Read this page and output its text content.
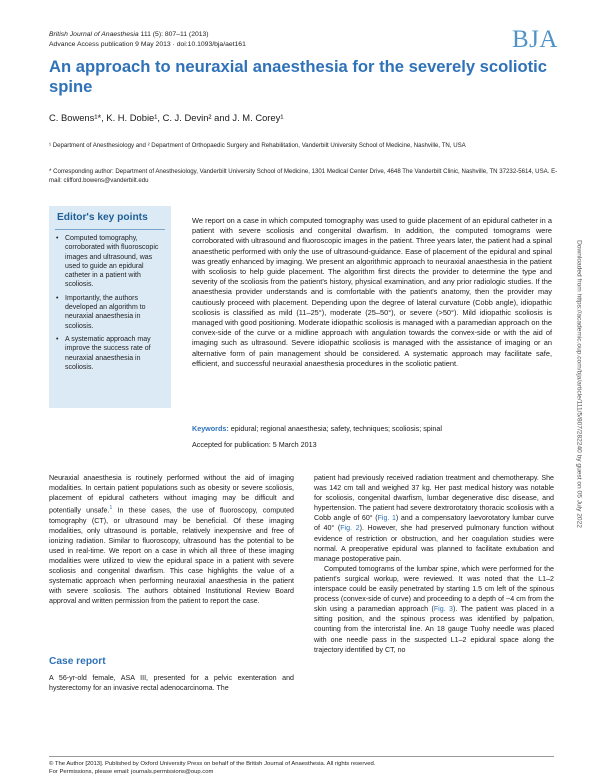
British Journal of Anaesthesia 111 (5): 807–11 (2013)
Advance Access publication 9 May 2013 · doi:10.1093/bja/aet161	BJA
An approach to neuraxial anaesthesia for the severely scoliotic spine
C. Bowens¹*, K. H. Dobie¹, C. J. Devin² and J. M. Corey¹
¹ Department of Anesthesiology and ² Department of Orthopaedic Surgery and Rehabilitation, Vanderbilt University School of Medicine, Nashville, TN, USA
* Corresponding author: Department of Anesthesiology, Vanderbilt University School of Medicine, 1301 Medical Center Drive, 4648 The Vanderbilt Clinic, Nashville, TN 37232-5614, USA. E-mail: clifford.bowens@vanderbilt.edu
Editor's key points
• Computed tomography, corroborated with fluoroscopic images and ultrasound, was used to guide an epidural catheter in a patient with scoliosis.
• Importantly, the authors developed an algorithm to neuraxial anaesthesia in scoliosis.
• A systematic approach may improve the success rate of neuraxial anaesthesia in scoliosis.
We report on a case in which computed tomography was used to guide placement of an epidural catheter in a patient with severe scoliosis and congenital dwarfism. In addition, the computed tomograms were corroborated with ultrasound and fluoroscopic images in the patient. Three years later, the patient had a spinal anaesthetic performed with only the use of ultrasound-guidance. Ease of placement of the epidural and spinal was greatly enhanced by imaging. We present an algorithmic approach to neuraxial anaesthesia in the patient with scoliosis to help guide placement. The algorithm first directs the provider to determine the type and severity of the scoliosis from the patient's history, physical examination, and any prior radiologic studies. If the anaesthesia provider understands and is comfortable with the patient's anatomy, then the provider may cautiously proceed with placement. Depending upon the degree of lateral curvature (Cobb angle), idiopathic scoliosis is classified as mild (11–25°), moderate (25–50°), or severe (>50°). Mild idiopathic scoliosis is managed with good positioning. Moderate idiopathic scoliosis is managed with a paramedian approach on the convex-side of the curve or a midline approach with angulation towards the convex-side or with the aid of imaging such as ultrasound. Severe idiopathic scoliosis is managed with the assistance of imaging or an alternative form of pain management should be considered. A systematic approach may facilitate safe, efficient, and successful neuraxial anaesthesia procedures in the scoliotic patient.
Keywords: epidural; regional anaesthesia; safety, techniques; scoliosis; spinal
Accepted for publication: 5 March 2013

Neuraxial anaesthesia is routinely performed without the aid of imaging modalities. In certain patient populations such as obesity or severe scoliosis, placement of epidural catheters without imaging may be difficult and potentially unsafe.$^1$ In these cases, the use of fluoroscopy, computed tomography (CT), or ultrasound may be beneficial. Of these imaging modalities, only ultrasound is portable, relatively inexpensive and free of ionizing radiation. Similar to fluoroscopy, ultrasound has the potential to be used in real-time. We report on a case in which all three of these imaging modalities were utilized to view the epidural space in a patient with severe scoliosis and congenital dwarfism. This case highlights the value of a systematic approach when performing neuraxial anaesthesia in the patient with severe scoliosis. The authors obtained Institutional Review Board approval and written permission from the patient to report the case.

Case report
A 56-yr-old female, ASA III, presented for a pelvic exenteration and hysterectomy for an invasive rectal adenocarcinoma. The

patient had previously received radiation treatment and chemotherapy. She was 142 cm tall and weighed 37 kg. Her past medical history was notable for scoliosis, congenital dwarfism, lumbar degenerative disc disease, and hypertension. The patient had severe dextrorotatory thoracic scoliosis with a Cobb angle of 60° (Fig. 1) and a compensatory laevorotatory lumbar curve of 40° (Fig. 2). However, she had preserved pulmonary function without evidence of restriction or obstruction, and her coagulation studies were normal. A preoperative epidural was planned to facilitate extubation and manage postoperative pain.

Computed tomograms of the lumbar spine, which were performed for the patient's surgical workup, were reviewed. It was noted that the L1–2 interspace could be easily penetrated by starting 1.5 cm left of the spinous process (convex-side of curve) and proceeding to a depth of ~4 cm from the skin using a paramedian approach (Fig. 3). The patient was placed in a sitting position, and the spinous process was identified by palpation, counting from the intercristal line. An 18 gauge Tuohy needle was placed with one needle pass in the suspected L1–2 epidural space along the trajectory identified by CT, no

© The Author [2013]. Published by Oxford University Press on behalf of the British Journal of Anaesthesia. All rights reserved.
For Permissions, please email: journals.permissions@oup.com
Downloaded from https://academic.oup.com/bja/article/111/5/807/282240 by guest on 05 July 2022
